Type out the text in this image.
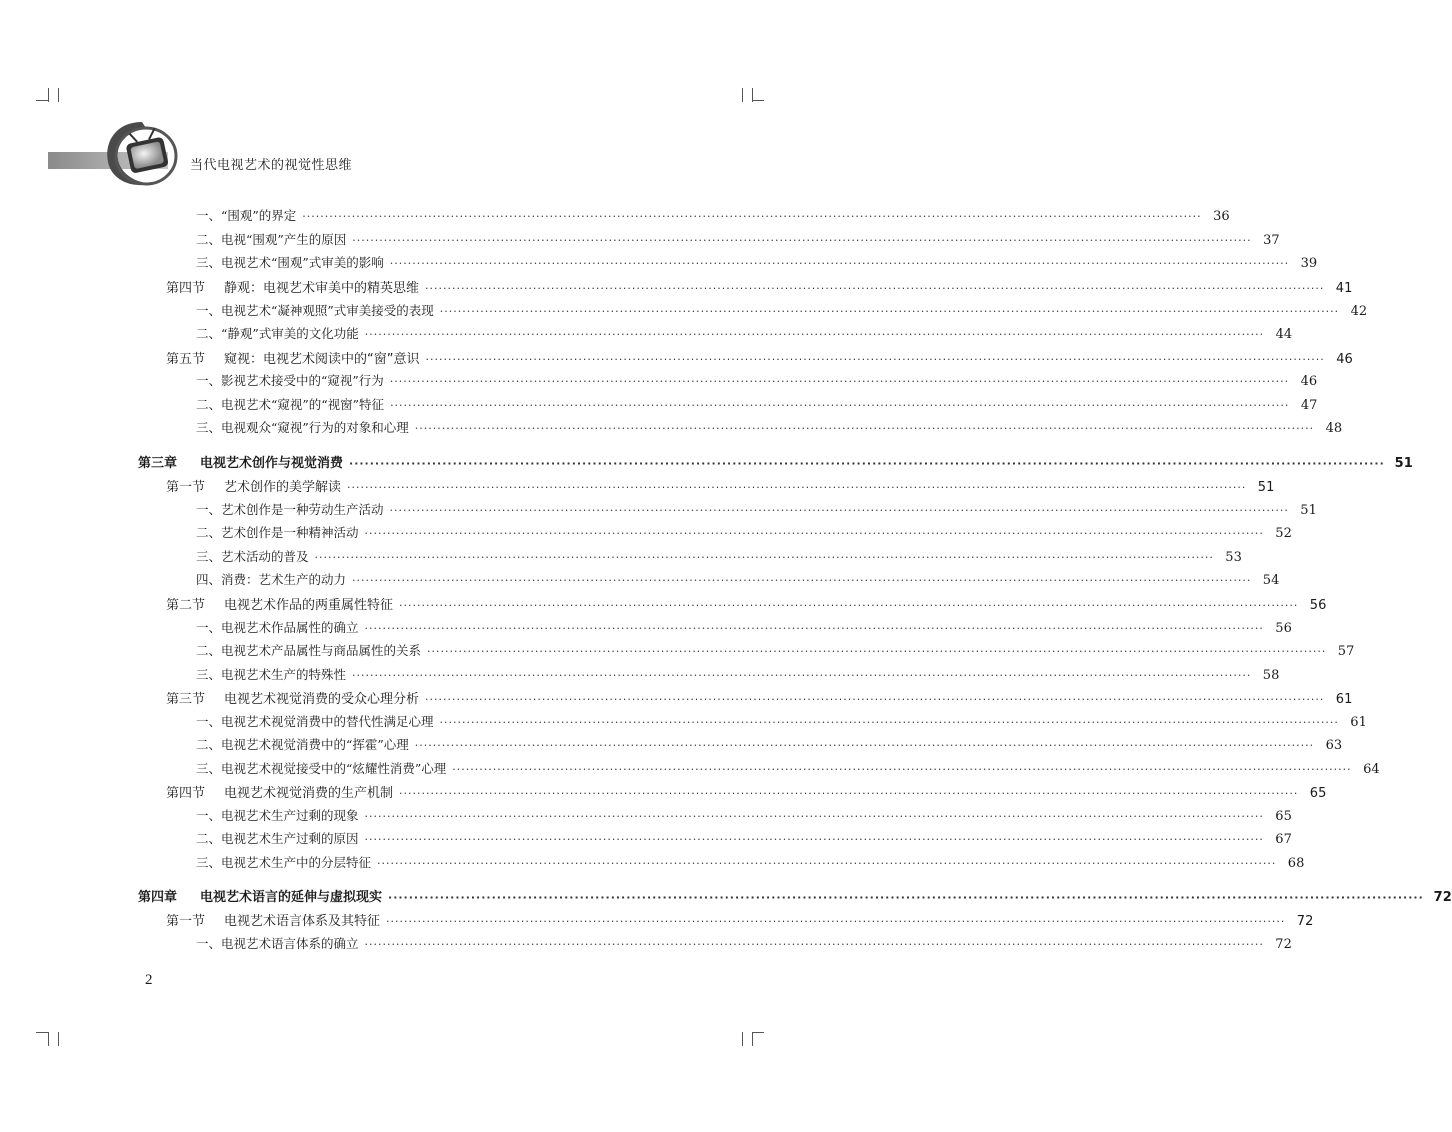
当代电视艺术的视觉性思维
一、“围观”的界定 ········································································································································································································ 36
二、电视“围观”产生的原因 ········································································································································································································ 37
三、电视艺术“围观”式审美的影响 ········································································································································································································ 39
第四节 静观：电视艺术审美中的精英思维 ········································································································································································································ 41
一、电视艺术“凝神观照”式审美接受的表现 ········································································································································································································ 42
二、“静观”式审美的文化功能 ········································································································································································································ 44
第五节 窥视：电视艺术阅读中的“窗”意识 ········································································································································································································ 46
一、影视艺术接受中的“窥视”行为 ········································································································································································································ 46
二、电视艺术“窥视”的“视窗”特征 ········································································································································································································ 47
三、电视观众“窥视”行为的对象和心理 ········································································································································································································ 48
第三章 电视艺术创作与视觉消费 ········································································································································································································ 51
第一节 艺术创作的美学解读 ········································································································································································································ 51
一、艺术创作是一种劳动生产活动 ········································································································································································································ 51
二、艺术创作是一种精神活动 ········································································································································································································ 52
三、艺术活动的普及 ········································································································································································································ 53
四、消费：艺术生产的动力 ········································································································································································································ 54
第二节 电视艺术作品的两重属性特征 ········································································································································································································ 56
一、电视艺术作品属性的确立 ········································································································································································································ 56
二、电视艺术产品属性与商品属性的关系 ········································································································································································································ 57
三、电视艺术生产的特殊性 ········································································································································································································ 58
第三节 电视艺术视觉消费的受众心理分析 ········································································································································································································ 61
一、电视艺术视觉消费中的替代性满足心理 ········································································································································································································ 61
二、电视艺术视觉消费中的“挥霍”心理 ········································································································································································································ 63
三、电视艺术视觉接受中的“炫耀性消费”心理 ········································································································································································································ 64
第四节 电视艺术视觉消费的生产机制 ········································································································································································································ 65
一、电视艺术生产过剩的现象 ········································································································································································································ 65
二、电视艺术生产过剩的原因 ········································································································································································································ 67
三、电视艺术生产中的分层特征 ········································································································································································································ 68
第四章 电视艺术语言的延伸与虚拟现实 ········································································································································································································ 72
第一节 电视艺术语言体系及其特征 ········································································································································································································ 72
一、电视艺术语言体系的确立 ········································································································································································································ 72
2
